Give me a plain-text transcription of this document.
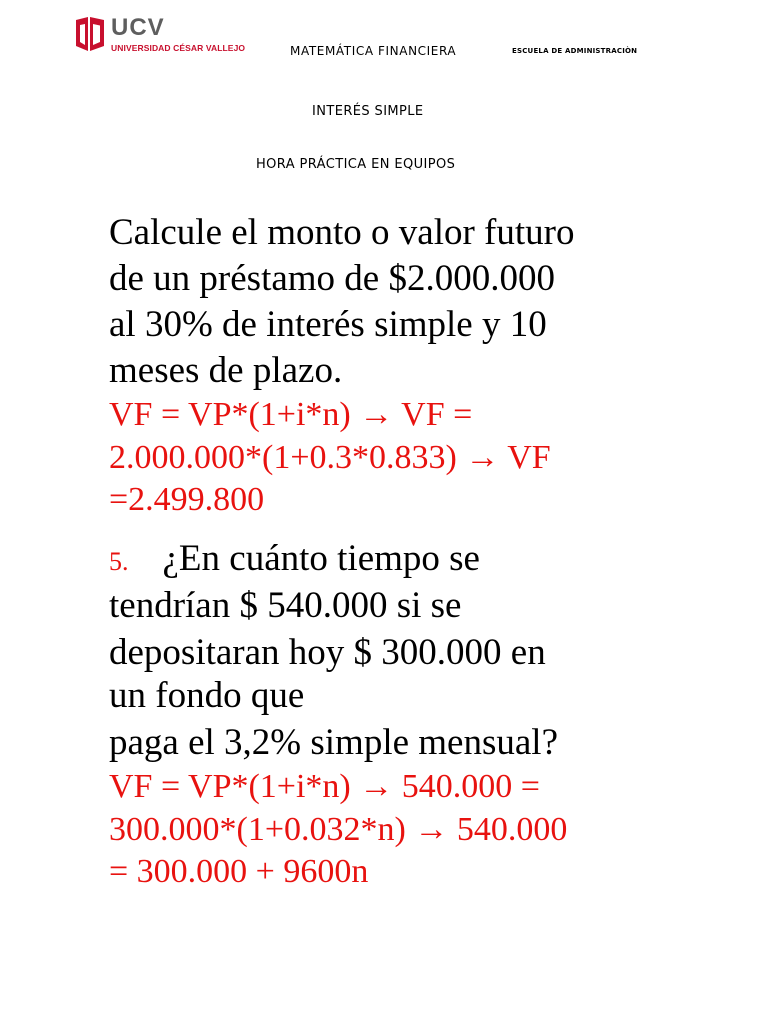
UCV
UNIVERSIDAD CÉSAR VALLEJO	MATEMÁTICA FINANCIERA	ESCUELA DE ADMINISTRACIÒN
INTERÉS SIMPLE
HORA PRÁCTICA EN EQUIPOS
Calcule el monto o valor futuro
de un préstamo de $2.000.000
al 30% de interés simple y 10
meses de plazo.
VF = VP*(1+i*n) → VF =
2.000.000*(1+0.3*0.833) → VF
=2.499.800
5. ¿En cuánto tiempo se
tendrían $ 540.000 si se
depositaran hoy $ 300.000 en
un fondo que
paga el 3,2% simple mensual?
VF = VP*(1+i*n) → 540.000 =
300.000*(1+0.032*n) → 540.000
= 300.000 + 9600n
